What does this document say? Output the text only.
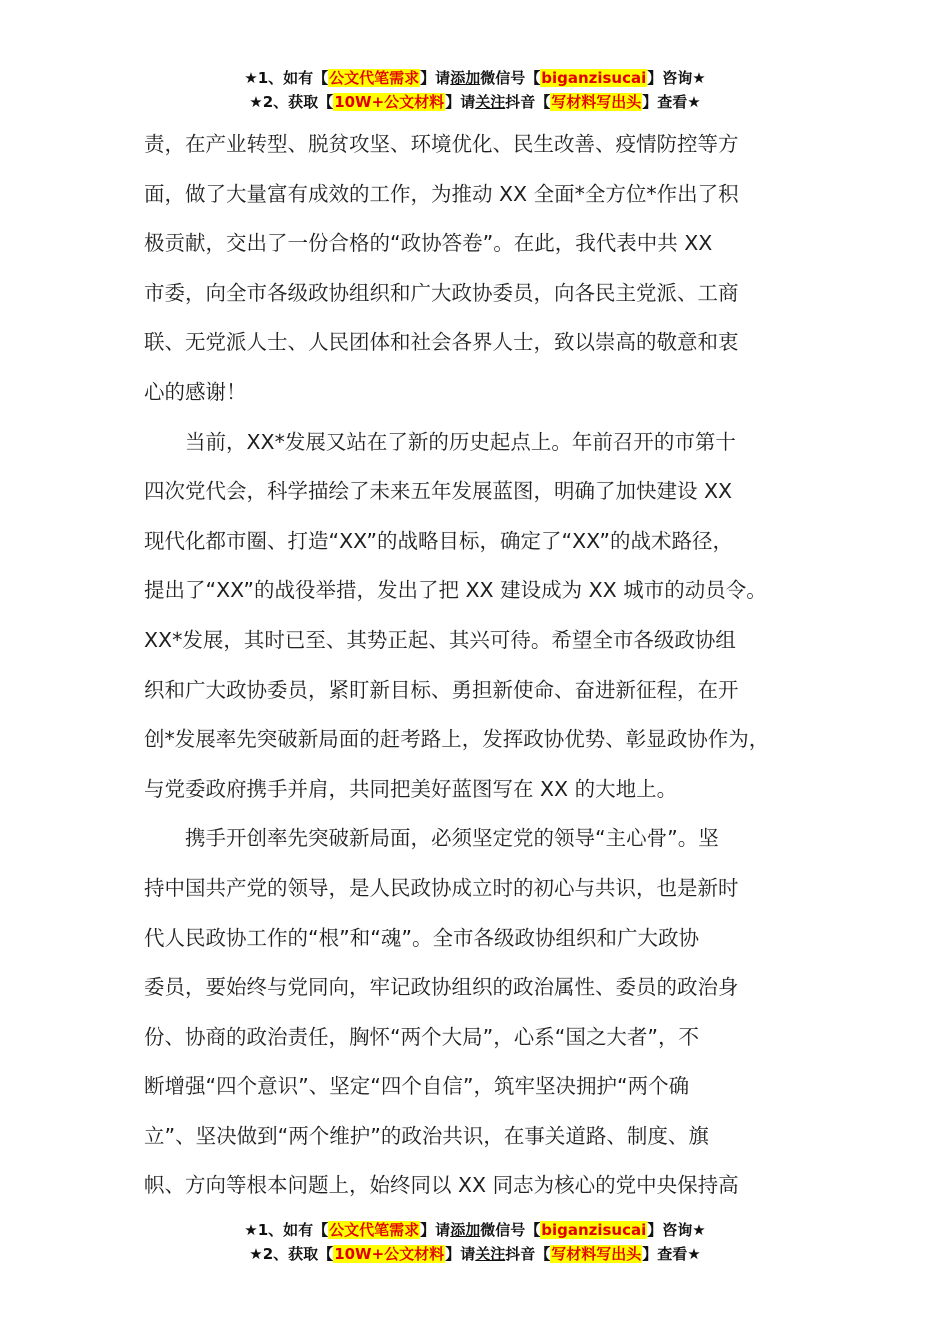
★1、如有【公文代笔需求】请添加微信号【biganzisucai】咨询★
★2、获取【10W+公文材料】请关注抖音【写材料写出头】查看★
责，在产业转型、脱贫攻坚、环境优化、民生改善、疫情防控等方
面，做了大量富有成效的工作，为推动 XX 全面*全方位*作出了积
极贡献，交出了一份合格的“政协答卷”。在此，我代表中共 XX
市委，向全市各级政协组织和广大政协委员，向各民主党派、工商
联、无党派人士、人民团体和社会各界人士，致以崇高的敬意和衷
心的感谢！
　　当前，XX*发展又站在了新的历史起点上。年前召开的市第十
四次党代会，科学描绘了未来五年发展蓝图，明确了加快建设 XX
现代化都市圈、打造“XX”的战略目标，确定了“XX”的战术路径，
提出了“XX”的战役举措，发出了把 XX 建设成为 XX 城市的动员令。
XX*发展，其时已至、其势正起、其兴可待。希望全市各级政协组
织和广大政协委员，紧盯新目标、勇担新使命、奋进新征程，在开
创*发展率先突破新局面的赶考路上，发挥政协优势、彰显政协作为，
与党委政府携手并肩，共同把美好蓝图写在 XX 的大地上。
　　携手开创率先突破新局面，必须坚定党的领导“主心骨”。坚
持中国共产党的领导，是人民政协成立时的初心与共识，也是新时
代人民政协工作的“根”和“魂”。全市各级政协组织和广大政协
委员，要始终与党同向，牢记政协组织的政治属性、委员的政治身
份、协商的政治责任，胸怀“两个大局”，心系“国之大者”，不
断增强“四个意识”、坚定“四个自信”，筑牢坚决拥护“两个确
立”、坚决做到“两个维护”的政治共识，在事关道路、制度、旗
帜、方向等根本问题上，始终同以 XX 同志为核心的党中央保持高
★1、如有【公文代笔需求】请添加微信号【biganzisucai】咨询★
★2、获取【10W+公文材料】请关注抖音【写材料写出头】查看★
